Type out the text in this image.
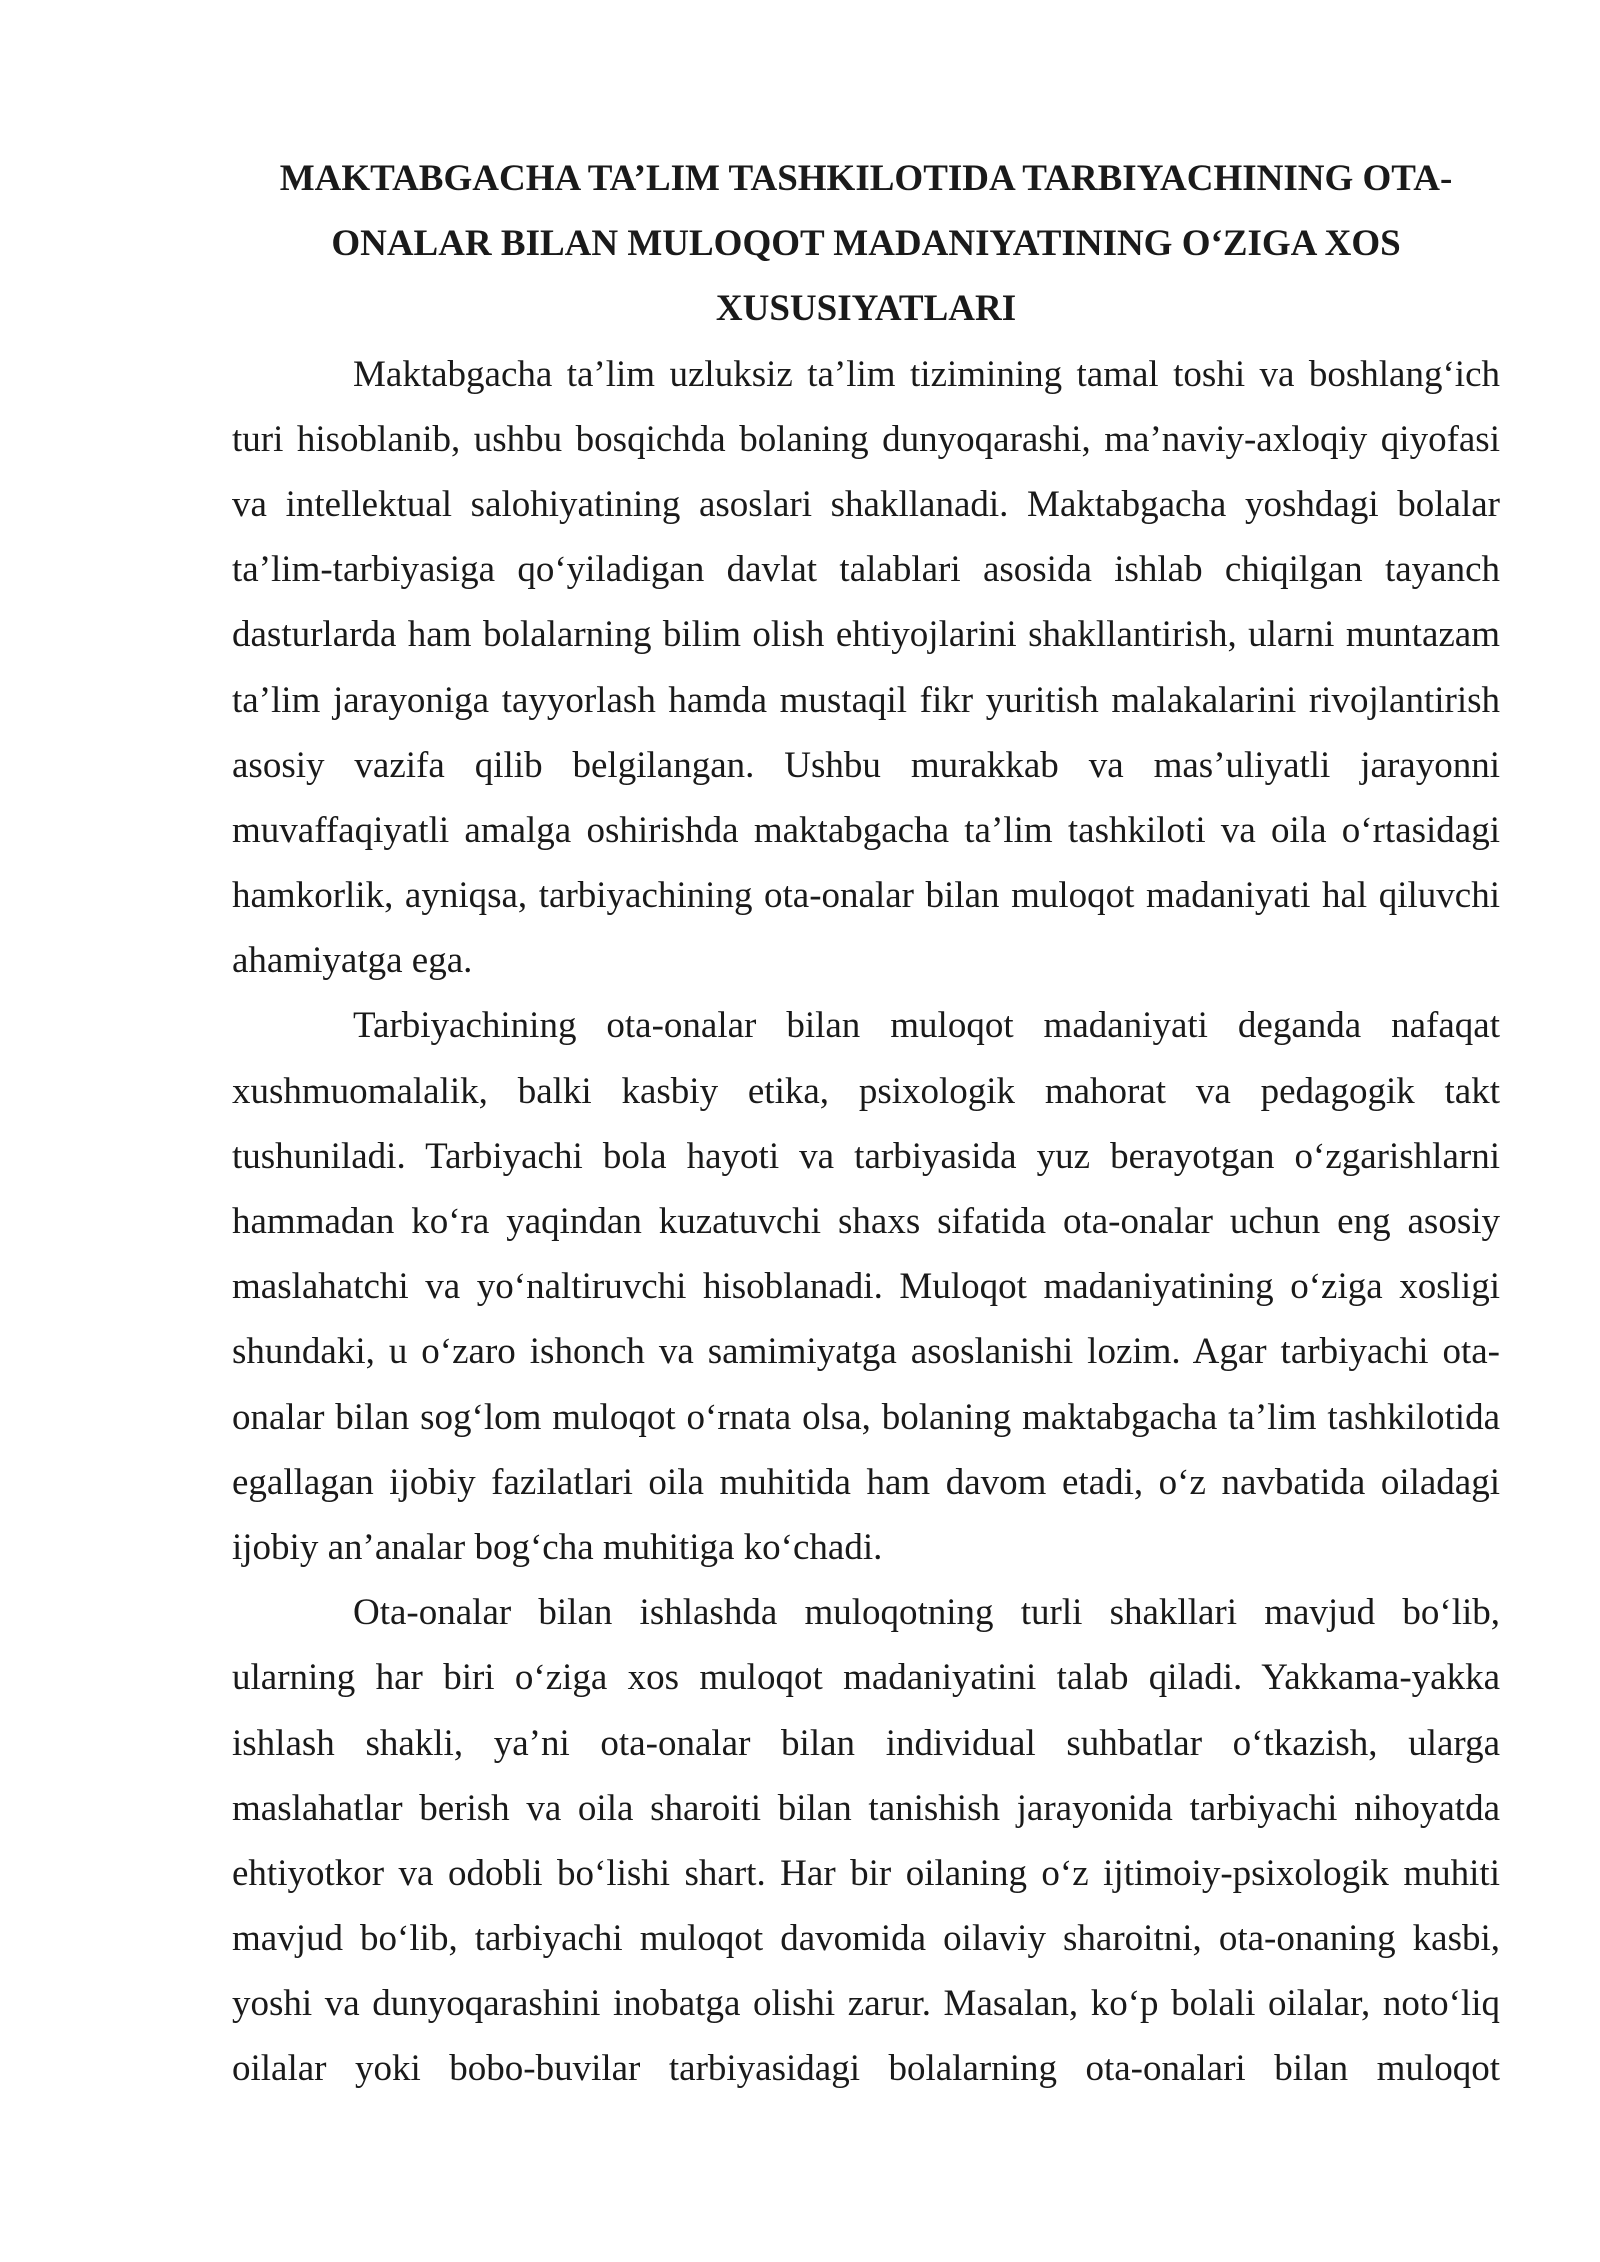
MAKTABGACHA TA’LIM TASHKILOTIDA TARBIYACHINING OTA-
ONALAR BILAN MULOQOT MADANIYATINING O‘ZIGA XOS
XUSUSIYATLARI
Maktabgacha ta’lim uzluksiz ta’lim tizimining tamal toshi va boshlang‘ich
turi hisoblanib, ushbu bosqichda bolaning dunyoqarashi, ma’naviy-axloqiy qiyofasi
va intellektual salohiyatining asoslari shakllanadi. Maktabgacha yoshdagi bolalar
ta’lim-tarbiyasiga qo‘yiladigan davlat talablari asosida ishlab chiqilgan tayanch
dasturlarda ham bolalarning bilim olish ehtiyojlarini shakllantirish, ularni muntazam
ta’lim jarayoniga tayyorlash hamda mustaqil fikr yuritish malakalarini rivojlantirish
asosiy vazifa qilib belgilangan. Ushbu murakkab va mas’uliyatli jarayonni
muvaffaqiyatli amalga oshirishda maktabgacha ta’lim tashkiloti va oila o‘rtasidagi
hamkorlik, ayniqsa, tarbiyachining ota-onalar bilan muloqot madaniyati hal qiluvchi
ahamiyatga ega.
Tarbiyachining ota-onalar bilan muloqot madaniyati deganda nafaqat
xushmuomalalik, balki kasbiy etika, psixologik mahorat va pedagogik takt
tushuniladi. Tarbiyachi bola hayoti va tarbiyasida yuz berayotgan o‘zgarishlarni
hammadan ko‘ra yaqindan kuzatuvchi shaxs sifatida ota-onalar uchun eng asosiy
maslahatchi va yo‘naltiruvchi hisoblanadi. Muloqot madaniyatining o‘ziga xosligi
shundaki, u o‘zaro ishonch va samimiyatga asoslanishi lozim. Agar tarbiyachi ota-
onalar bilan sog‘lom muloqot o‘rnata olsa, bolaning maktabgacha ta’lim tashkilotida
egallagan ijobiy fazilatlari oila muhitida ham davom etadi, o‘z navbatida oiladagi
ijobiy an’analar bog‘cha muhitiga ko‘chadi.
Ota-onalar bilan ishlashda muloqotning turli shakllari mavjud bo‘lib,
ularning har biri o‘ziga xos muloqot madaniyatini talab qiladi. Yakkama-yakka
ishlash shakli, ya’ni ota-onalar bilan individual suhbatlar o‘tkazish, ularga
maslahatlar berish va oila sharoiti bilan tanishish jarayonida tarbiyachi nihoyatda
ehtiyotkor va odobli bo‘lishi shart. Har bir oilaning o‘z ijtimoiy-psixologik muhiti
mavjud bo‘lib, tarbiyachi muloqot davomida oilaviy sharoitni, ota-onaning kasbi,
yoshi va dunyoqarashini inobatga olishi zarur. Masalan, ko‘p bolali oilalar, noto‘liq
oilalar yoki bobo-buvilar tarbiyasidagi bolalarning ota-onalari bilan muloqot
